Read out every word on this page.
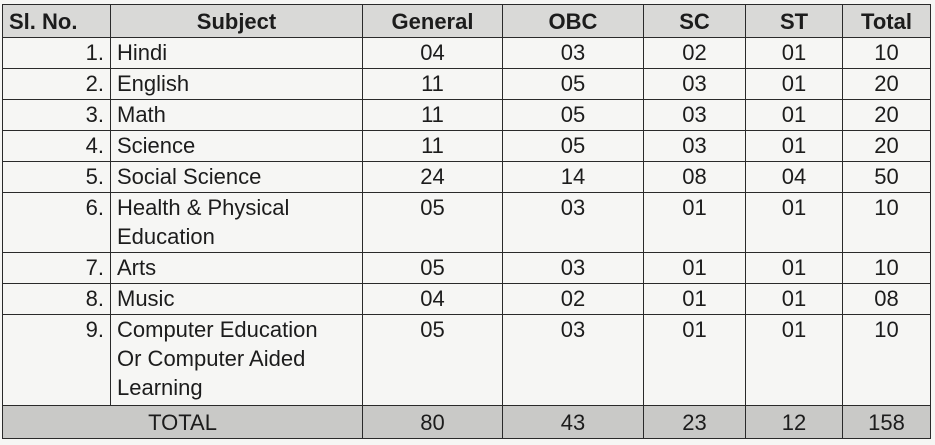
Sl. No.	Subject	General	OBC	SC	ST	Total
1.	Hindi	04	03	02	01	10
2.	English	11	05	03	01	20
3.	Math	11	05	03	01	20
4.	Science	11	05	03	01	20
5.	Social Science	24	14	08	04	50
6.	Health & Physical
Education	05	03	01	01	10
7.	Arts	05	03	01	01	10
8.	Music	04	02	01	01	08
9.	Computer Education
Or Computer Aided
Learning	05	03	01	01	10
TOTAL		80	43	23	12	158
